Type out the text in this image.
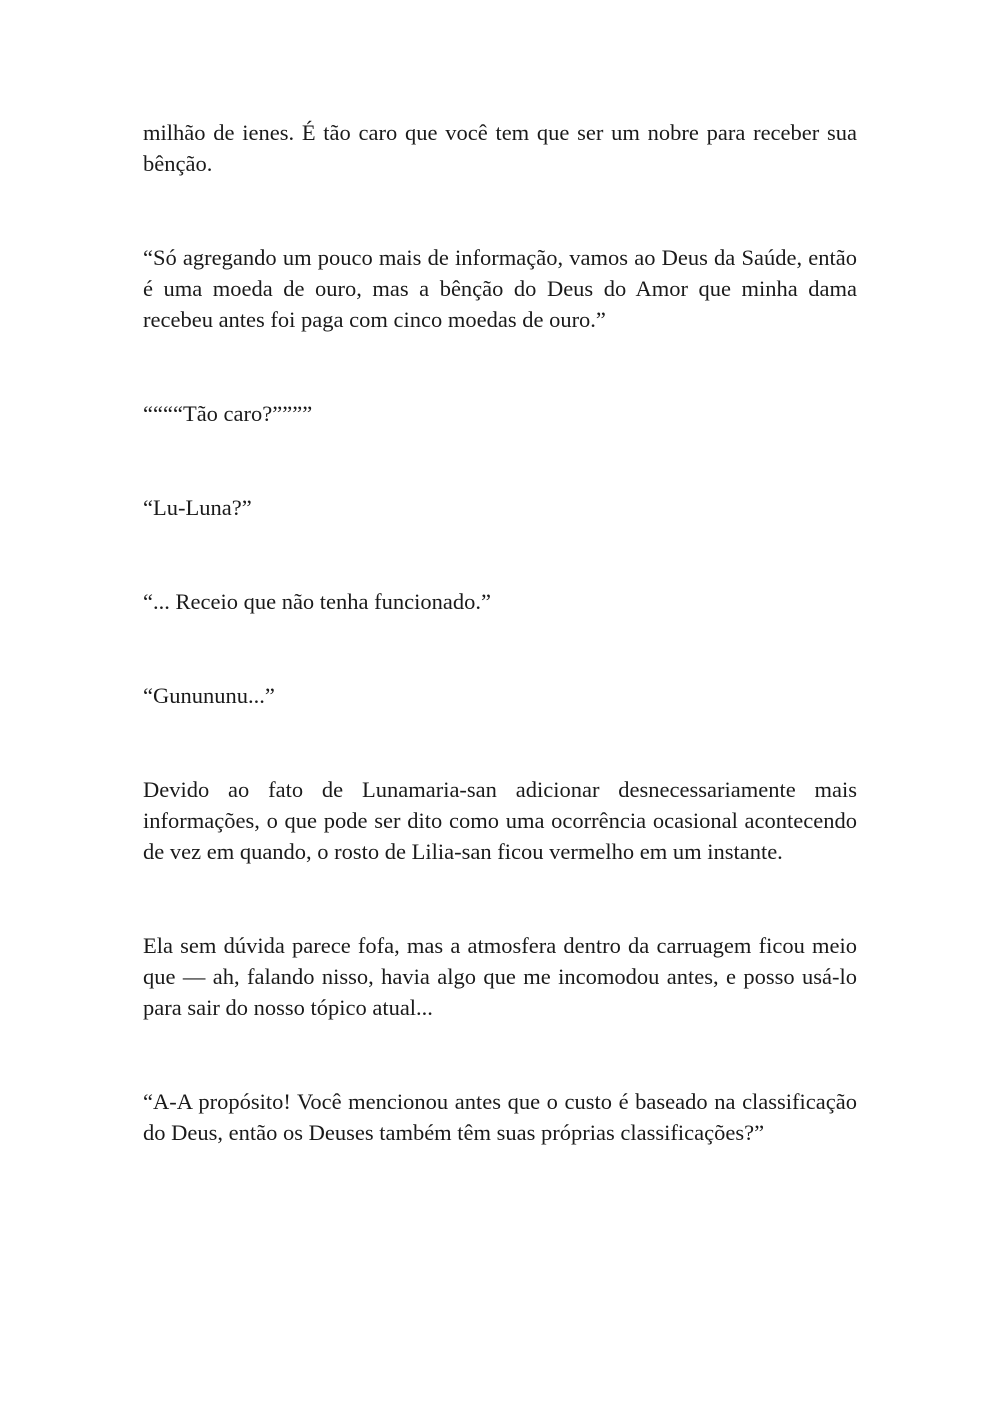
milhão de ienes. É tão caro que você tem que ser um nobre para receber sua bênção.

“Só agregando um pouco mais de informação, vamos ao Deus da Saúde, então é uma moeda de ouro, mas a bênção do Deus do Amor que minha dama recebeu antes foi paga com cinco moedas de ouro.”

““““Tão caro?””””

“Lu-Luna?”

“... Receio que não tenha funcionado.”

“Gunununu...”

Devido ao fato de Lunamaria-san adicionar desnecessariamente mais informações, o que pode ser dito como uma ocorrência ocasional acontecendo de vez em quando, o rosto de Lilia-san ficou vermelho em um instante.

Ela sem dúvida parece fofa, mas a atmosfera dentro da carruagem ficou meio que — ah, falando nisso, havia algo que me incomodou antes, e posso usá-lo para sair do nosso tópico atual...

“A-A propósito! Você mencionou antes que o custo é baseado na classificação do Deus, então os Deuses também têm suas próprias classificações?”
